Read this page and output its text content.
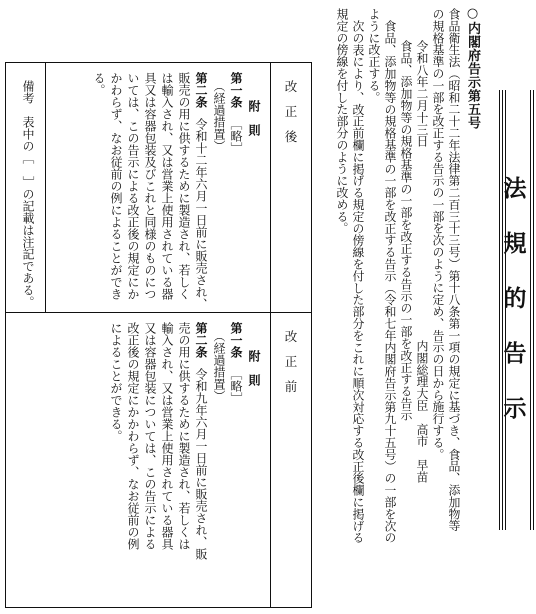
法
規
的
告
示
○内閣府告示第五号
食品衛生法（昭和二十二年法律第二百三十三号）第十八条第一項の規定に基づき、食品、添加物等
の規格基準の一部を改正する告示の一部を次のように定め、告示の日から施行する。
令和八年二月十三日
内閣総理大臣　高市　早苗
食品、添加物等の規格基準の一部を改正する告示の一部を改正する告示
食品、添加物等の規格基準の一部を改正する告示（令和七年内閣府告示第九十五号）の一部を次の
ように改正する。
次の表により、改正前欄に掲げる規定の傍線を付した部分をこれに順次対応する改正後欄に掲げる
規定の傍線を付した部分のように改める。
改　正　後
改　正　前
附　則
第一条
［略］
（経過措置）
第二条
令和十二年六月一日前に販売され、
販売の用に供するために製造され、若しく
は輸入され、又は営業上使用されている器
具又は容器包装及びこれと同様のものにつ
いては、この告示による改正後の規定にか
かわらず、なお従前の例によることができ
る。
備考　表中の［　］の記載は注記である。
附　則
第一条
［略］
（経過措置）
第二条
令和九年六月一日前に販売され、販
売の用に供するために製造され、若しくは
輸入され、又は営業上使用されている器具
又は容器包装については、この告示による
改正後の規定にかかわらず、なお従前の例
によることができる。
